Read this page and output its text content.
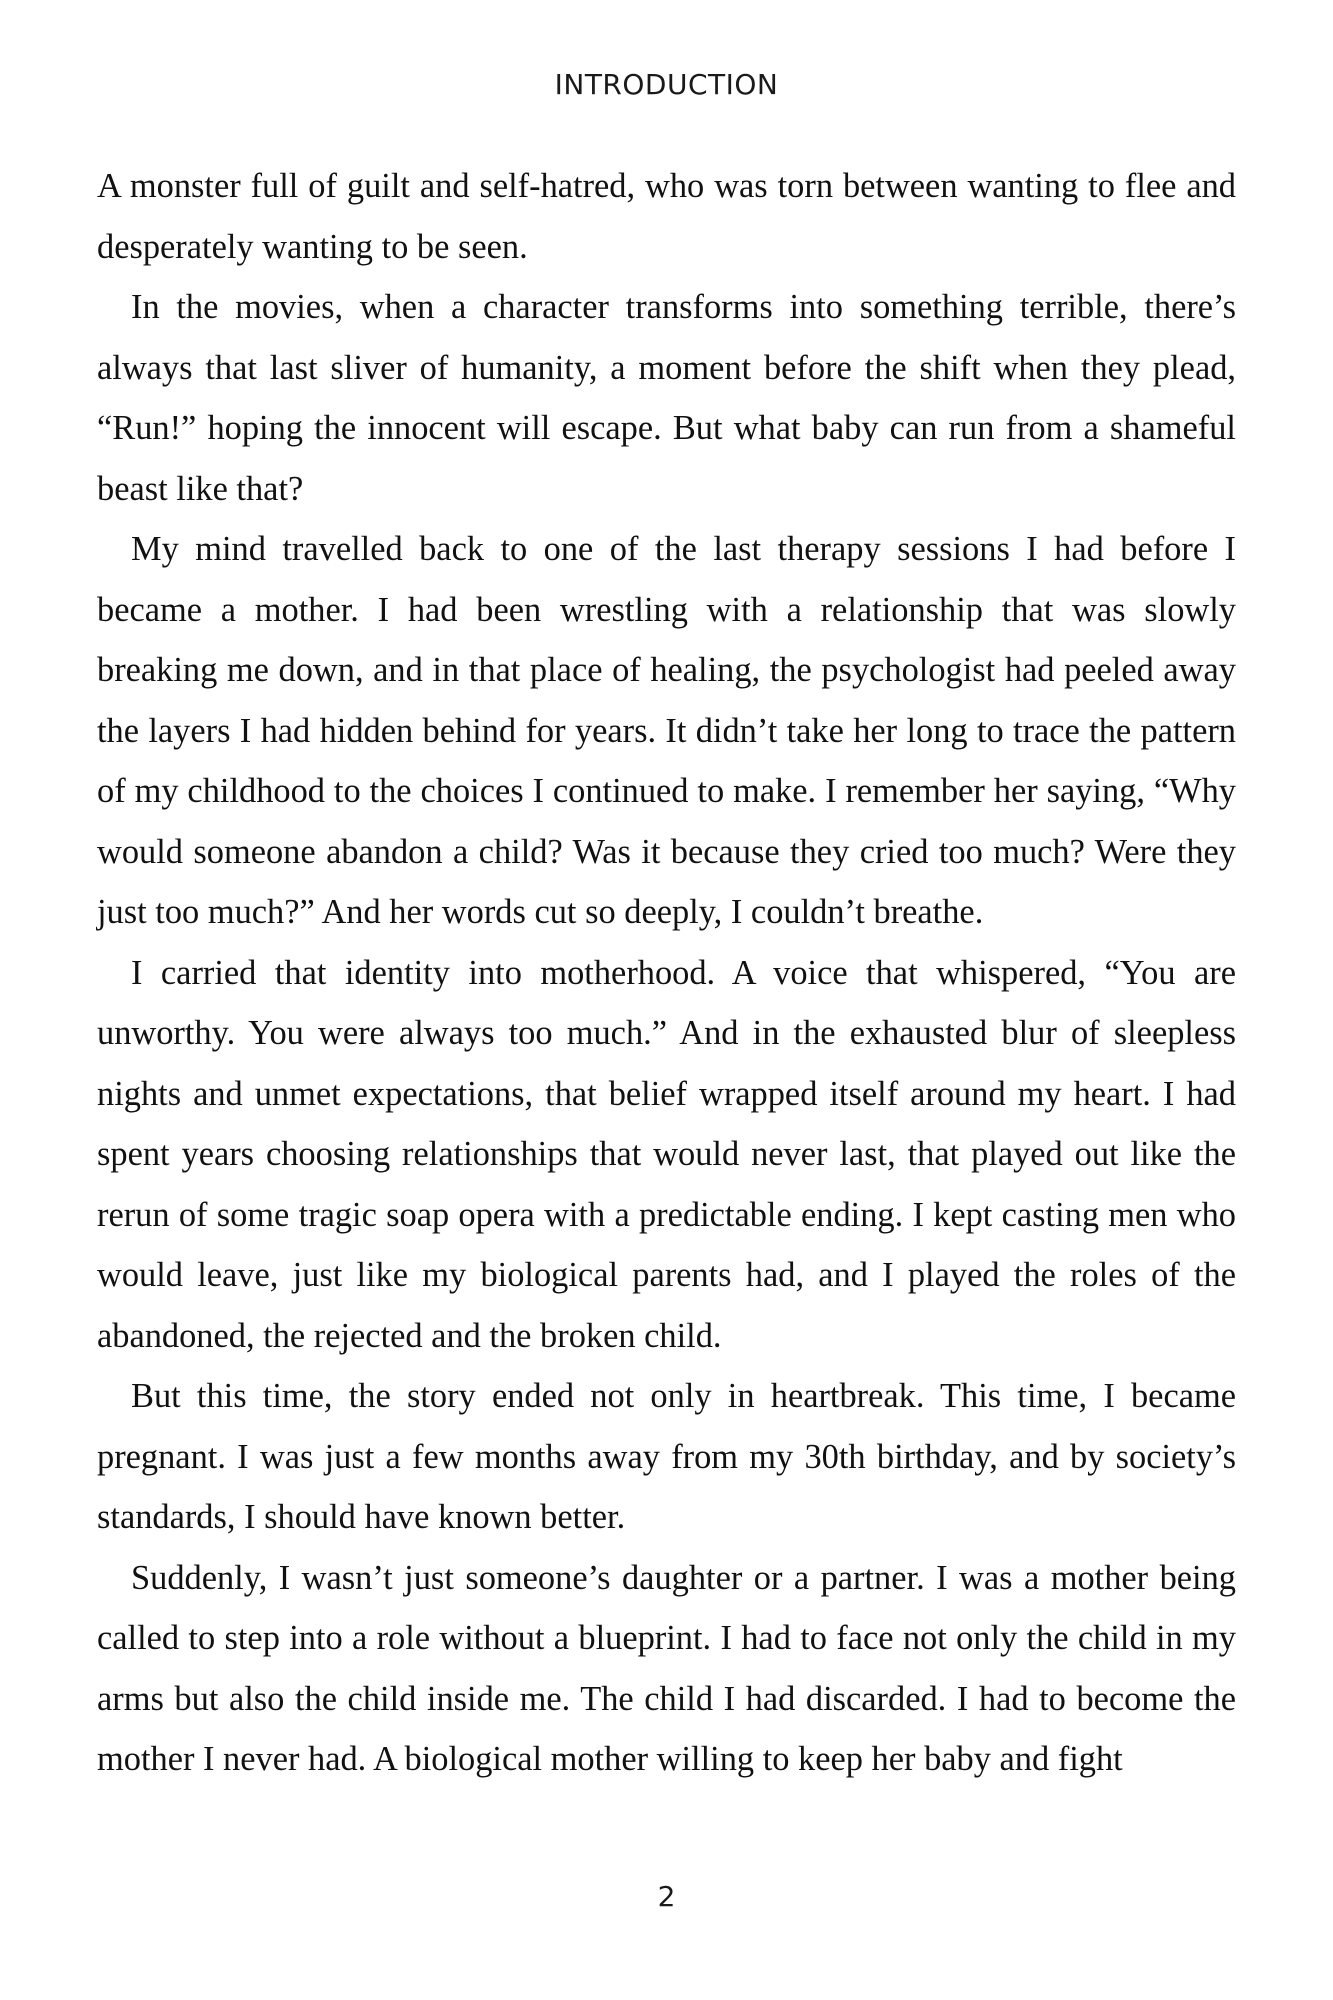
INTRODUCTION

A monster full of guilt and self-hatred, who was torn between wanting to flee and desperately wanting to be seen.

In the movies, when a character transforms into something terrible, there’s always that last sliver of humanity, a moment before the shift when they plead, “Run!” hoping the innocent will escape. But what baby can run from a shameful beast like that?

My mind travelled back to one of the last therapy sessions I had before I became a mother. I had been wrestling with a relationship that was slowly breaking me down, and in that place of healing, the psychologist had peeled away the layers I had hidden behind for years. It didn’t take her long to trace the pattern of my childhood to the choices I continued to make. I remember her saying, “Why would someone abandon a child? Was it because they cried too much? Were they just too much?” And her words cut so deeply, I couldn’t breathe.

I carried that identity into motherhood. A voice that whispered, “You are unworthy. You were always too much.” And in the exhausted blur of sleepless nights and unmet expectations, that belief wrapped itself around my heart. I had spent years choosing relationships that would never last, that played out like the rerun of some tragic soap opera with a predictable ending. I kept casting men who would leave, just like my biological parents had, and I played the roles of the abandoned, the rejected and the broken child.

But this time, the story ended not only in heartbreak. This time, I became pregnant. I was just a few months away from my 30th birthday, and by society’s standards, I should have known better.

Suddenly, I wasn’t just someone’s daughter or a partner. I was a mother being called to step into a role without a blueprint. I had to face not only the child in my arms but also the child inside me. The child I had discarded. I had to become the mother I never had. A biological mother willing to keep her baby and fight

2
